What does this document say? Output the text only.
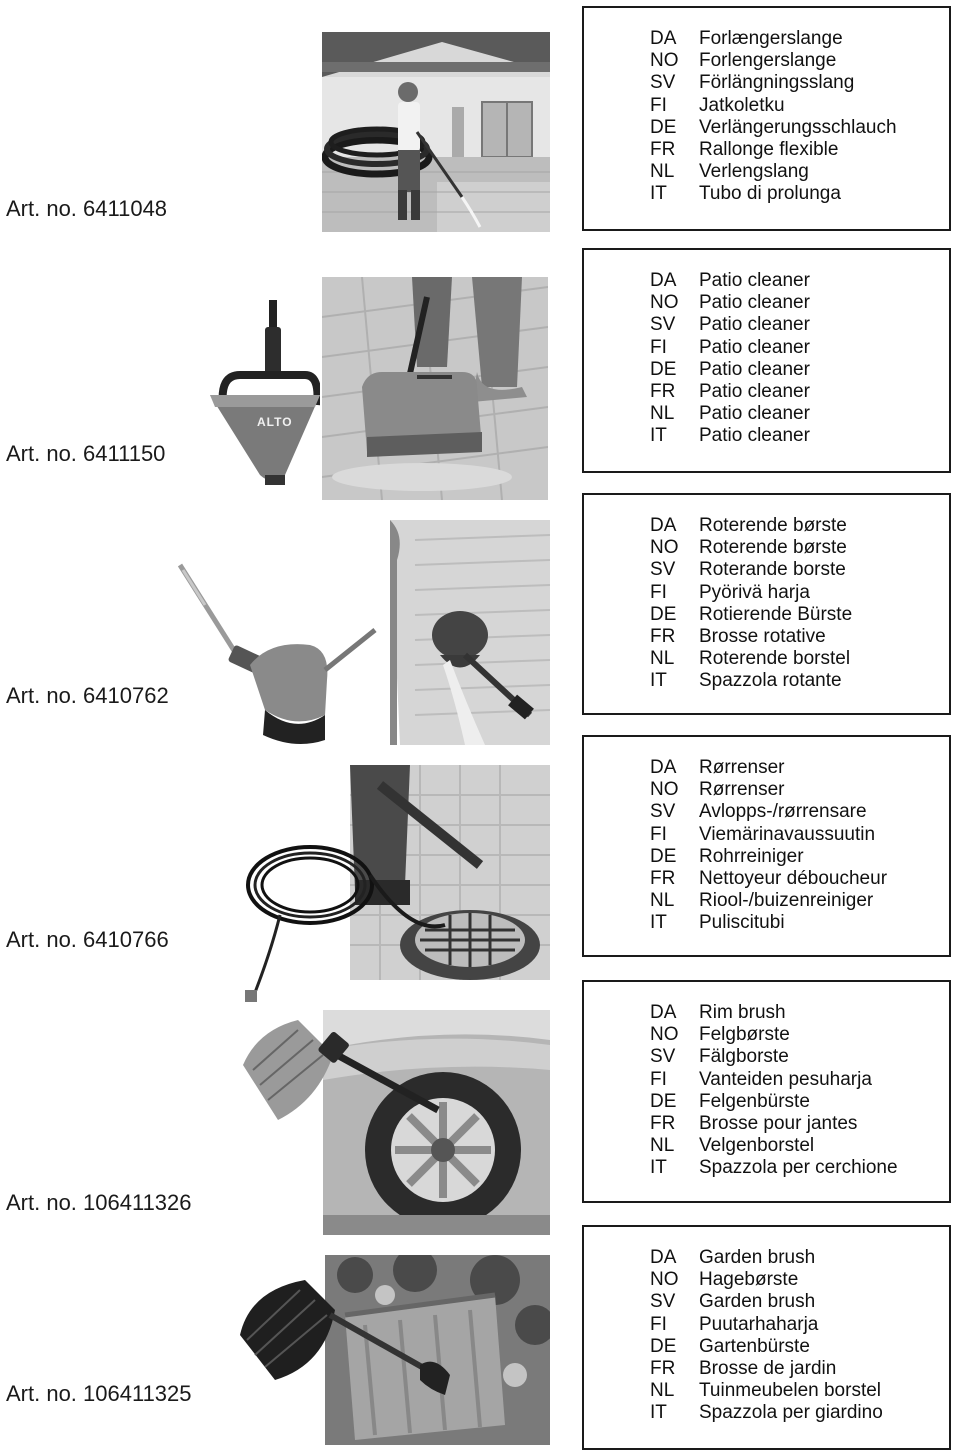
Art. no. 6411048
DA Forlængerslange
NO Forlengerslange
SV Förlängningsslang
FI Jatkoletku
DE Verlängerungsschlauch
FR Rallonge flexible
NL Verlengslang
IT Tubo di prolunga
Art. no. 6411150
ALTO
DA Patio cleaner
NO Patio cleaner
SV Patio cleaner
FI Patio cleaner
DE Patio cleaner
FR Patio cleaner
NL Patio cleaner
IT Patio cleaner
Art. no. 6410762
DA Roterende børste
NO Roterende børste
SV Roterande borste
FI Pyörivä harja
DE Rotierende Bürste
FR Brosse rotative
NL Roterende borstel
IT Spazzola rotante
Art. no. 6410766
DA Rørrenser
NO Rørrenser
SV Avlopps-/rørrensare
FI Viemärinavaussuutin
DE Rohrreiniger
FR Nettoyeur déboucheur
NL Riool-/buizenreiniger
IT Puliscitubi
Art. no. 106411326
DA Rim brush
NO Felgbørste
SV Fälgborste
FI Vanteiden pesuharja
DE Felgenbürste
FR Brosse pour jantes
NL Velgenborstel
IT Spazzola per cerchione
Art. no. 106411325
DA Garden brush
NO Hagebørste
SV Garden brush
FI Puutarhaharja
DE Gartenbürste
FR Brosse de jardin
NL Tuinmeubelen borstel
IT Spazzola per giardino
